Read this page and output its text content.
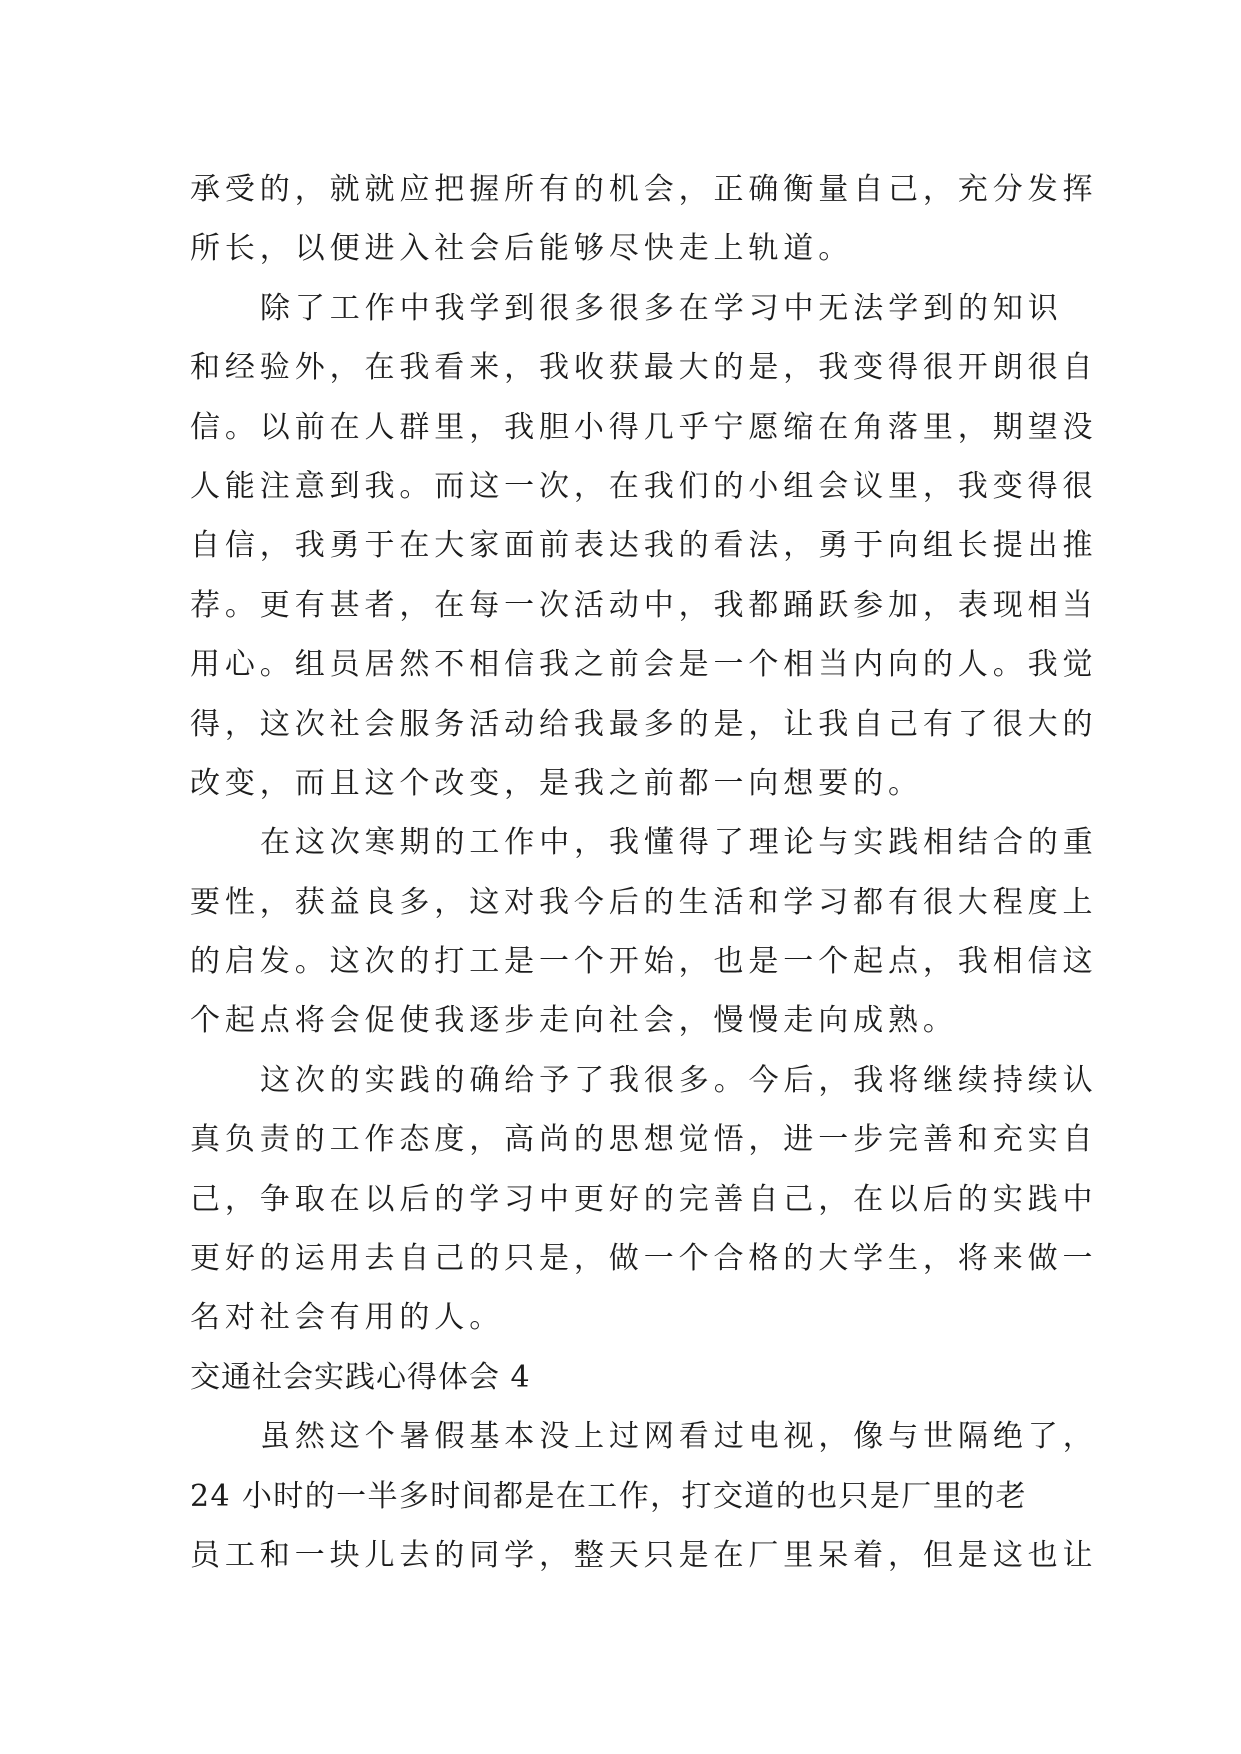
承受的，就就应把握所有的机会，正确衡量自己，充分发挥
所长，以便进入社会后能够尽快走上轨道。
除了工作中我学到很多很多在学习中无法学到的知识
和经验外，在我看来，我收获最大的是，我变得很开朗很自
信。以前在人群里，我胆小得几乎宁愿缩在角落里，期望没
人能注意到我。而这一次，在我们的小组会议里，我变得很
自信，我勇于在大家面前表达我的看法，勇于向组长提出推
荐。更有甚者，在每一次活动中，我都踊跃参加，表现相当
用心。组员居然不相信我之前会是一个相当内向的人。我觉
得，这次社会服务活动给我最多的是，让我自己有了很大的
改变，而且这个改变，是我之前都一向想要的。
在这次寒期的工作中，我懂得了理论与实践相结合的重
要性，获益良多，这对我今后的生活和学习都有很大程度上
的启发。这次的打工是一个开始，也是一个起点，我相信这
个起点将会促使我逐步走向社会，慢慢走向成熟。
这次的实践的确给予了我很多。今后，我将继续持续认
真负责的工作态度，高尚的思想觉悟，进一步完善和充实自
己，争取在以后的学习中更好的完善自己，在以后的实践中
更好的运用去自己的只是，做一个合格的大学生，将来做一
名对社会有用的人。
交通社会实践心得体会 4
虽然这个暑假基本没上过网看过电视，像与世隔绝了，
24 小时的一半多时间都是在工作，打交道的也只是厂里的老
员工和一块儿去的同学，整天只是在厂里呆着，但是这也让
